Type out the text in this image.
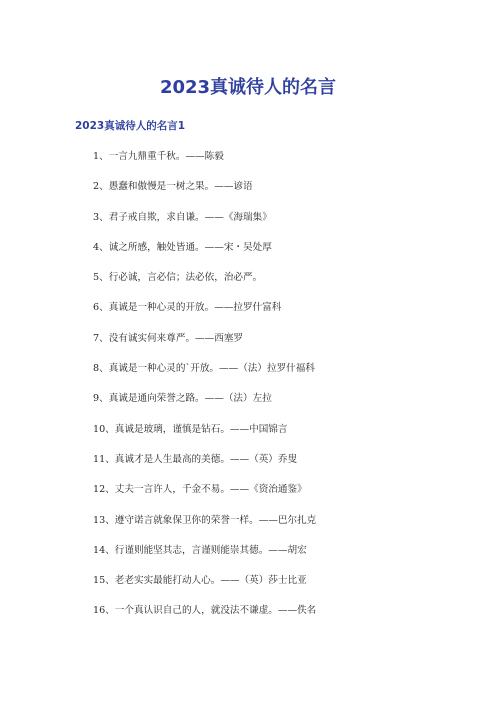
2023真诚待人的名言
2023真诚待人的名言1
1、一言九鼎重千秋。——陈毅
2、愚蠢和傲慢是一树之果。——谚语
3、君子戒自欺，求自谦。——《海瑞集》
4、诚之所感，触处皆通。——宋・吴处厚
5、行必诚，言必信；法必依，治必严。
6、真诚是一种心灵的开放。——拉罗什富科
7、没有诚实何来尊严。——西塞罗
8、真诚是一种心灵的`开放。——（法）拉罗什福科
9、真诚是通向荣誉之路。——（法）左拉
10、真诚是玻璃，谨慎是钻石。——中国锦言
11、真诚才是人生最高的美德。——（英）乔叟
12、丈夫一言许人，千金不易。——《资治通鉴》
13、遵守诺言就象保卫你的荣誉一样。——巴尔扎克
14、行谨则能坚其志，言谨则能崇其德。——胡宏
15、老老实实最能打动人心。——（英）莎士比亚
16、一个真认识自己的人，就没法不谦虚。——佚名
